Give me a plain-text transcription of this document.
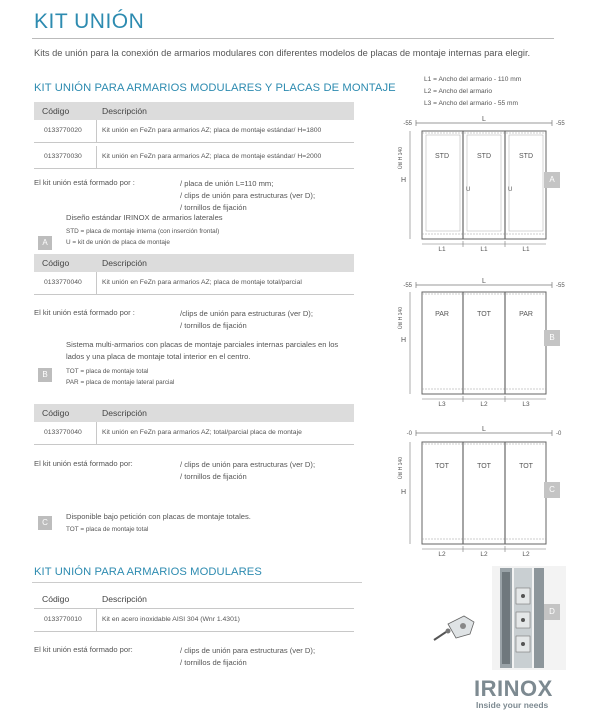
KIT UNIÓN
Kits de unión para la conexión de armarios modulares con diferentes modelos de placas de montaje internas para elegir.
KIT UNIÓN PARA ARMARIOS MODULARES Y PLACAS DE MONTAJE
Código	Descripción
0133770020	Kit unión en FeZn para armarios AZ; placa de montaje estándar/ H=1800
0133770030	Kit unión en FeZn para armarios AZ; placa de montaje estándar/ H=2000
El kit unión está formado por :	/ placa de unión L=110 mm;
/ clips de unión para estructuras (ver D);
/ tornillos de fijación
Diseño estándar IRINOX de armarios laterales
STD = placa de montaje interna (con inserción frontal)
U = kit de unión de placa de montaje
A
Código	Descripción
0133770040	Kit unión en FeZn para armarios AZ; placa de montaje total/parcial
El kit unión está formado por :	/clips de unión para estructuras (ver D);
/ tornillos de fijación
Sistema multi-armarios con placas de montaje parciales internas parciales en los lados y una placa de montaje total interior en el centro.
TOT = placa de montaje total
PAR = placa de montaje lateral parcial
B
Código	Descripción
0133770040	Kit unión en FeZn para armarios AZ; total/parcial placa de montaje
El kit unión está formado por:	/ clips de unión para estructuras (ver D);
/ tornillos de fijación
Disponible bajo petición con placas de montaje totales.
TOT = placa de montaje total
C
KIT UNIÓN PARA ARMARIOS MODULARES
Código	Descripción
0133770010	Kit en acero inoxidable AISI 304 (Wnr 1.4301)
El kit unión está formado por:	/ clips de unión para estructuras (ver D);
/ tornillos de fijación
L1 = Ancho del armario - 110 mm
L2 = Ancho del armario
L3 = Ancho del armario - 55 mm
L
-55	-55
STD	STD	STD
U	U
H
Útil H 140
L1	L1	L1
A
L
-55	-55
PAR	TOT	PAR
H
Útil H 140
L3	L2	L3
B
L
-0	-0
TOT	TOT	TOT
H
Útil H 140
L2	L2	L2
C
D
IRINOX
Inside your needs
